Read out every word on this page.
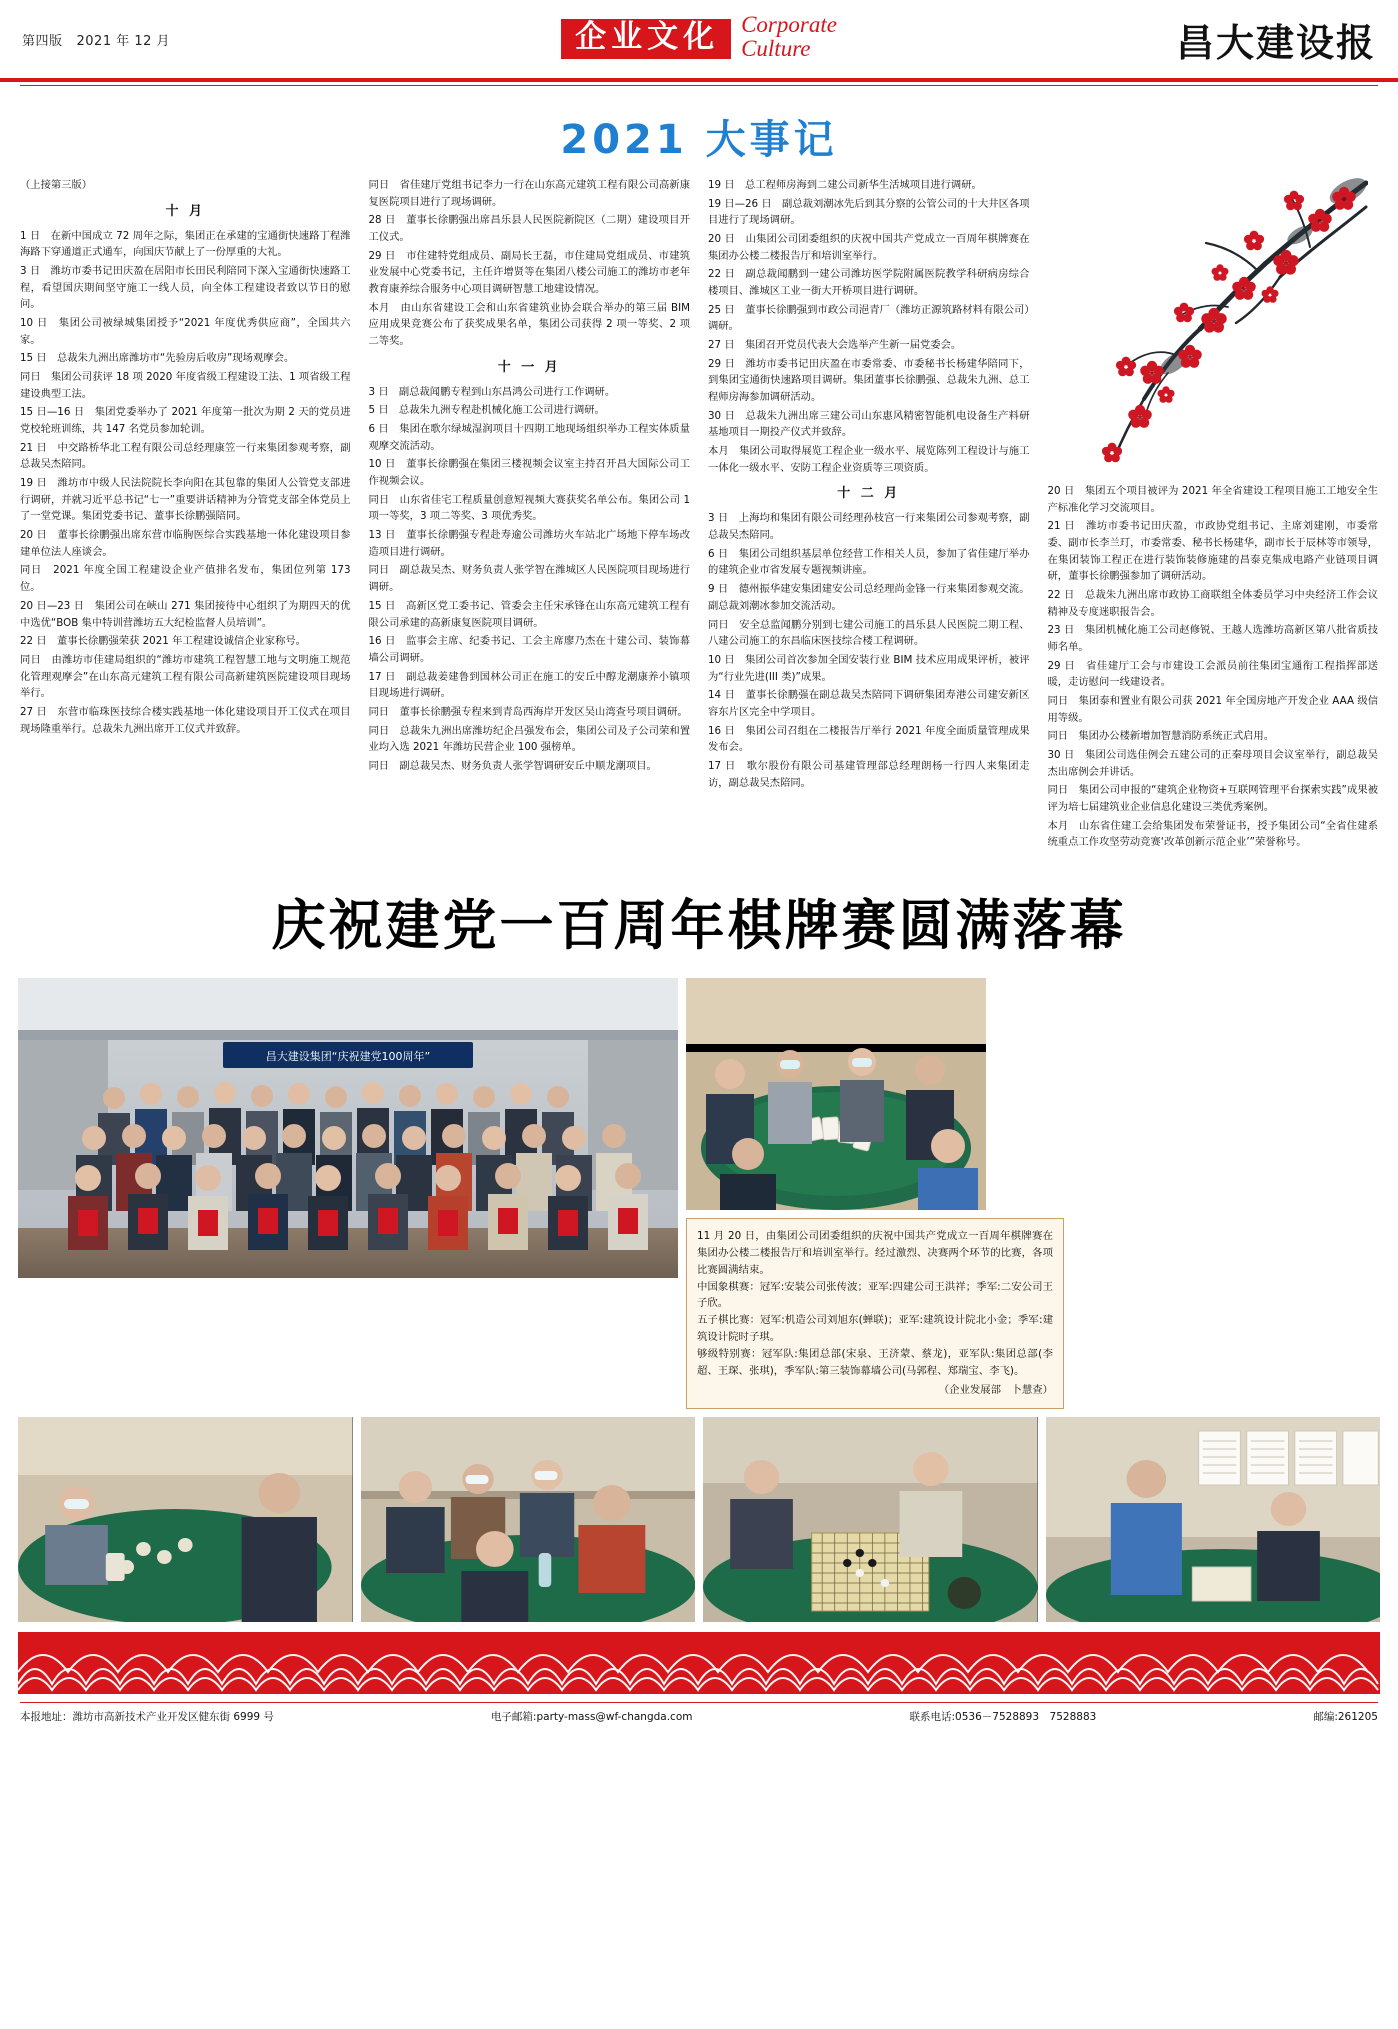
第四版 2021 年 12 月	企业文化 Corporate
Culture	昌大建设报
2021 大事记
（上接第三版）
十 月
1 日　在新中国成立 72 周年之际，集团正在承建的宝通街快速路丁程潍海路下穿通道正式通车，向国庆节献上了一份厚重的大礼。
3 日　潍坊市委书记田庆盈在居阳市长田民利陪同下深入宝通街快速路工程，看望国庆期间坚守施工一线人员，向全体工程建设者致以节日的慰问。
10 日　集团公司被绿城集团授予“2021 年度优秀供应商”，全国共六家。
15 日　总裁朱九洲出席潍坊市“先验房后收房”现场观摩会。
同日　集团公司获评 18 项 2020 年度省级工程建设工法、1 项省级工程建设典型工法。
15 日—16 日　集团党委举办了 2021 年度第一批次为期 2 天的党员进党校轮班训练，共 147 名党员参加轮训。
21 日　中交路桥华北工程有限公司总经理康笠一行来集团参观考察，副总裁吴杰陪同。
19 日　潍坊市中级人民法院院长李向阳在其包靠的集团人公管党支部进行调研，并就习近平总书记“七一”重要讲话精神为分管党支部全体党员上了一堂党课。集团党委书记、董事长徐鹏强陪同。
20 日　董事长徐鹏强出席东营市临朐医综合实践基地一体化建设项目参建单位法人座谈会。
同日　2021 年度全国工程建设企业产值排名发布，集团位列第 173 位。
20 日—23 日　集团公司在峽山 271 集团接待中心组织了为期四天的优中选优“BOB 集中特训营潍坊五大纪检监督人员培训”。
22 日　董事长徐鹏强荣获 2021 年工程建设诚信企业家称号。
同日　由潍坊市佳建局组织的“潍坊市建筑工程智慧工地与文明施工规范化管理观摩会”在山东高元建筑工程有限公司高新建筑医院建设项目现场举行。
27 日　东营市临珠医技综合楼实践基地一体化建设项目开工仪式在项目现场隆重举行。总裁朱九洲出席开工仪式并致辞。
同日　省佳建厅党组书记李力一行在山东高元建筑工程有限公司高新康复医院项目进行了现场调研。
28 日　董事长徐鹏强出席昌乐县人民医院新院区（二期）建设项目开工仪式。
29 日　市住建特党组成员、副局长王磊，市住建局党组成员、市建筑业发展中心党委书记，主任许增贤等在集团八楼公司施工的潍坊市老年教育康养综合服务中心项目调研智慧工地建设情况。
本月　由山东省建设工会和山东省建筑业协会联合举办的第三届 BIM 应用成果竞赛公布了获奖成果名单，集团公司获得 2 项一等奖、2 项二等奖。
十 一 月
3 日　副总裁闻鹏专程到山东昌鸿公司进行工作调研。
5 日　总裁朱九洲专程赴机械化施工公司进行调研。
6 日　集团在歌尔绿城湿润项目十四期工地现场组织举办工程实体质量观摩交流活动。
10 日　董事长徐鹏强在集团三楼视频会议室主持召开昌大国际公司工作视频会议。
同日　山东省佳宅工程质量创意短视频大赛获奖名单公布。集团公司 1 项一等奖，3 项二等奖、3 项优秀奖。
13 日　董事长徐鹏强专程赴寿逾公司潍坊火车站北广场地下停车场改造项目进行调研。
同日　副总裁吴杰、财务负责人张学智在潍城区人民医院项目现场进行调研。
15 日　高新区党工委书记、管委会主任宋承锋在山东高元建筑工程有限公司承建的高新康复医院项目调研。
16 日　监事会主席、纪委书记、工会主席廖乃杰在十建公司、装饰幕墙公司调研。
17 日　副总裁姜建鲁到国林公司正在施工的安丘中醇龙潮康养小镇项目现场进行调研。
同日　董事长徐鹏强专程来到青岛西海岸开发区吴山湾查号项目调研。
同日　总裁朱九洲出席潍坊纪企吕强发布会，集团公司及子公司荣和置业均入选 2021 年潍坊民营企业 100 强榜单。
同日　副总裁吴杰、财务负责人张学智调研安丘中顺龙潮项目。
19 日　总工程师房海到二建公司新华生活城项目进行调研。
19 日—26 日　副总裁刘潮冰先后到其分察的公管公司的十大井区各项目进行了现场调研。
20 日　山集团公司团委组织的庆祝中国共产党成立一百周年棋牌赛在集团办公楼二楼报告厅和培训室举行。
22 日　副总裁闻鹏到一建公司潍坊医学院附属医院教学科研病房综合楼项目、潍城区工业一街大开桥项目进行调研。
25 日　董事长徐鹏强到市政公司浥青厂（潍坊正源筑路材料有限公司）调研。
27 日　集团召开党员代表大会选举产生新一届党委会。
29 日　潍坊市委书记田庆盈在市委常委、市委秘书长杨建华陪同下，到集团宝通街快速路项目调研。集团董事长徐鹏强、总裁朱九洲、总工程师房海参加调研活动。
30 日　总裁朱九洲出席三建公司山东惠风精密智能机电设备生产料研基地项目一期投产仪式并致辞。
本月　集团公司取得展览工程企业一级水平、展览陈列工程设计与施工一体化一级水平、安防工程企业资质等三项资质。
十 二 月
3 日　上海均和集团有限公司经理孙枝宫一行来集团公司参观考察，副总裁吴杰陪同。
6 日　集团公司组织基层单位经营工作相关人员，参加了省佳建厅举办的建筑企业市省发展专题视频讲座。
9 日　德州振华建安集团建安公司总经理尚金锋一行来集团参观交流。副总裁刘潮冰参加交流活动。
同日　安全总监闻鹏分别到七建公司施工的昌乐县人民医院二期工程、八建公司施工的东昌临床医技综合楼工程调研。
10 日　集团公司首次参加全国安装行业 BIM 技术应用成果评析，被评为“行业先进(III 类)”成果。
14 日　董事长徐鹏强在副总裁吴杰陪同下调研集团寿港公司建安新区容东片区完全中学项目。
16 日　集团公司召组在二楼报告厅举行 2021 年度全面质量管理成果发布会。
17 日　歌尔股份有限公司基建管理部总经理朗杨一行四人来集团走访，副总裁吴杰陪同。
20 日　集团五个项目被评为 2021 年全省建设工程项目施工工地安全生产标准化学习交流项目。
21 日　潍坊市委书记田庆盈，市政协党组书记、主席刘建刚，市委常委、副市长李兰玎，市委常委、秘书长杨建华，副市长于辰林等市领导，在集团装饰工程正在进行装饰装修施建的昌泰克集成电路产业链项目调研，董事长徐鹏强参加了调研活动。
22 日　总裁朱九洲出席市政协工商联组全体委员学习中央经济工作会议精神及专度迷职报告会。
23 日　集团机械化施工公司赵修锐、王越人选潍坊高新区第八批省质技师名单。
29 日　省佳建厅工会与市建设工会派员前往集团宝通衔工程指挥部送暖，走访慰问一线建设者。
同日　集团泰和置业有限公司获 2021 年全国房地产开发企业 AAA 级信用等级。
同日　集团办公楼新增加智慧消防系统正式启用。
30 日　集团公司选佳例会五建公司的正秦母项目会议室举行，副总裁吴杰出席例会并讲话。
同日　集团公司申报的“建筑企业物资+互联网管理平台探索实践”成果被评为培七届建筑业企业信息化建设三类优秀案例。
本月　山东省住建工会给集团发布荣誉证书，授予集团公司“全省住建系统重点工作攻坚劳动竞赛‘改革创新示范企业’”荣誉称号。
庆祝建党一百周年棋牌赛圆满落幕
昌大建设集团“庆祝建党100周年”
11 月 20 日，由集团公司团委组织的庆祝中国共产党成立一百周年棋牌赛在集团办公楼二楼报告厅和培训室举行。经过激烈、决赛两个环节的比赛，各项比赛圆满结束。
中国象棋赛：冠军:安装公司张传波；亚军:四建公司王洪祥；季军:二安公司王子欣。
五子棋比赛：冠军:机造公司刘旭东(蝉联)；亚军:建筑设计院北小金；季军:建筑设计院时子琪。
够级特别赛：冠军队:集团总部(宋泉、王济蒙、蔡龙)，亚军队:集团总部(李超、王琛、张琪)，季军队:第三装饰幕墙公司(马郭程、郑瑞宝、李飞)。
（企业发展部　卜慧查）
本报地址：潍坊市高新技术产业开发区健东街 6999 号	电子邮箱:party-mass@wf-changda.com	联系电话:0536－7528893　7528883	邮编:261205
